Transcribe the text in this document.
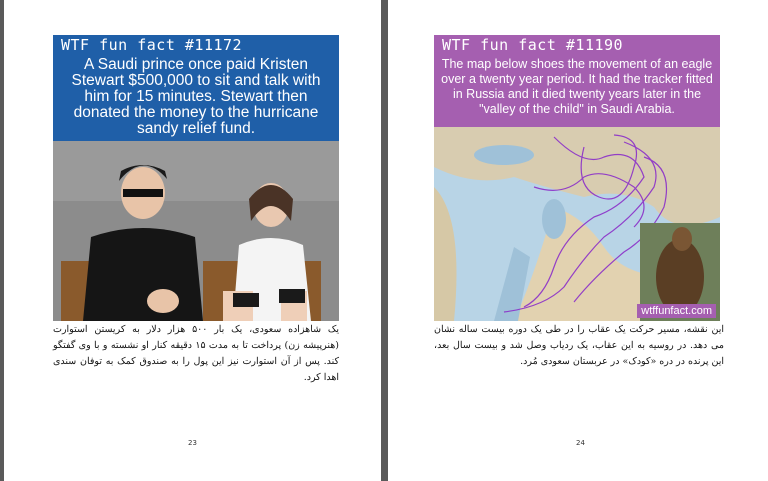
WTF fun fact #11172
A Saudi prince once paid Kristen Stewart $500,000 to sit and talk with him for 15 minutes. Stewart then donated the money to the hurricane sandy relief fund.
یک شاهزاده سعودی، یک بار ۵۰۰ هزار دلار به کریستن استوارت (هنرپیشه زن) پرداخت تا به مدت ۱۵ دقیقه کنار او نشسته و با وی گفتگو کند. پس از آن استوارت نیز این پول را به صندوق کمک به توفان سندی اهدا کرد.
23
WTF fun fact #11190
The map below shoes the movement of an eagle over a twenty year period. It had the tracker fitted in Russia and it died twenty years later in the "valley of the child" in Saudi Arabia.
wtffunfact.com
این نقشه، مسیر حرکت یک عقاب را در طی یک دوره بیست ساله نشان می دهد. در روسیه به این عقاب، یک ردیاب وصل شد و بیست سال بعد، این پرنده در دره «کودک» در عربستان سعودی مُرد.
24
